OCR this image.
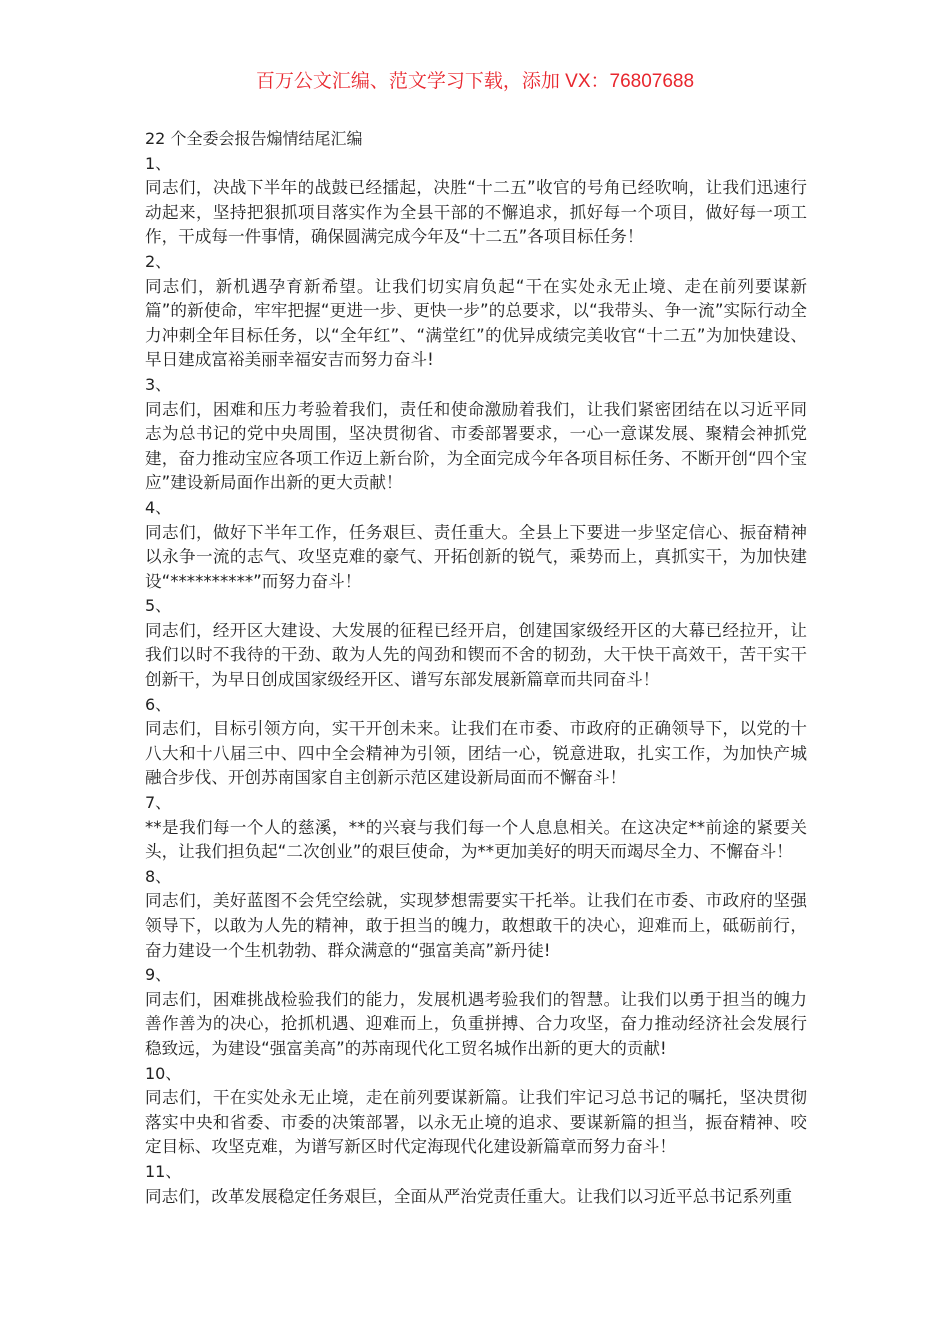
百万公文汇编、范文学习下载，添加 VX：76807688
22 个全委会报告煽情结尾汇编
1、
同志们，决战下半年的战鼓已经擂起，决胜“十二五”收官的号角已经吹响，让我们迅速行动起来，坚持把狠抓项目落实作为全县干部的不懈追求，抓好每一个项目，做好每一项工作，干成每一件事情，确保圆满完成今年及“十二五”各项目标任务！
2、
同志们，新机遇孕育新希望。让我们切实肩负起“干在实处永无止境、走在前列要谋新篇”的新使命，牢牢把握“更进一步、更快一步”的总要求，以“我带头、争一流”实际行动全力冲刺全年目标任务，以“全年红”、“满堂红”的优异成绩完美收官“十二五”为加快建设、早日建成富裕美丽幸福安吉而努力奋斗!
3、
同志们，困难和压力考验着我们，责任和使命激励着我们，让我们紧密团结在以习近平同志为总书记的党中央周围，坚决贯彻省、市委部署要求，一心一意谋发展、聚精会神抓党建，奋力推动宝应各项工作迈上新台阶，为全面完成今年各项目标任务、不断开创“四个宝应”建设新局面作出新的更大贡献！
4、
同志们，做好下半年工作，任务艰巨、责任重大。全县上下要进一步坚定信心、振奋精神以永争一流的志气、攻坚克难的豪气、开拓创新的锐气，乘势而上，真抓实干，为加快建设“**********”而努力奋斗！
5、
同志们，经开区大建设、大发展的征程已经开启，创建国家级经开区的大幕已经拉开，让我们以时不我待的干劲、敢为人先的闯劲和锲而不舍的韧劲，大干快干高效干，苦干实干创新干，为早日创成国家级经开区、谱写东部发展新篇章而共同奋斗！
6、
同志们，目标引领方向，实干开创未来。让我们在市委、市政府的正确领导下，以党的十八大和十八届三中、四中全会精神为引领，团结一心，锐意进取，扎实工作，为加快产城融合步伐、开创苏南国家自主创新示范区建设新局面而不懈奋斗！
7、
**是我们每一个人的慈溪，**的兴衰与我们每一个人息息相关。在这决定**前途的紧要关头，让我们担负起“二次创业”的艰巨使命，为**更加美好的明天而竭尽全力、不懈奋斗！
8、
同志们，美好蓝图不会凭空绘就，实现梦想需要实干托举。让我们在市委、市政府的坚强领导下，以敢为人先的精神，敢于担当的魄力，敢想敢干的决心，迎难而上，砥砺前行，奋力建设一个生机勃勃、群众满意的“强富美高”新丹徒!
9、
同志们，困难挑战检验我们的能力，发展机遇考验我们的智慧。让我们以勇于担当的魄力善作善为的决心，抢抓机遇、迎难而上，负重拼搏、合力攻坚，奋力推动经济社会发展行稳致远，为建设“强富美高”的苏南现代化工贸名城作出新的更大的贡献!
10、
同志们，干在实处永无止境，走在前列要谋新篇。让我们牢记习总书记的嘱托，坚决贯彻落实中央和省委、市委的决策部署，以永无止境的追求、要谋新篇的担当，振奋精神、咬定目标、攻坚克难，为谱写新区时代定海现代化建设新篇章而努力奋斗！
11、
同志们，改革发展稳定任务艰巨，全面从严治党责任重大。让我们以习近平总书记系列重
